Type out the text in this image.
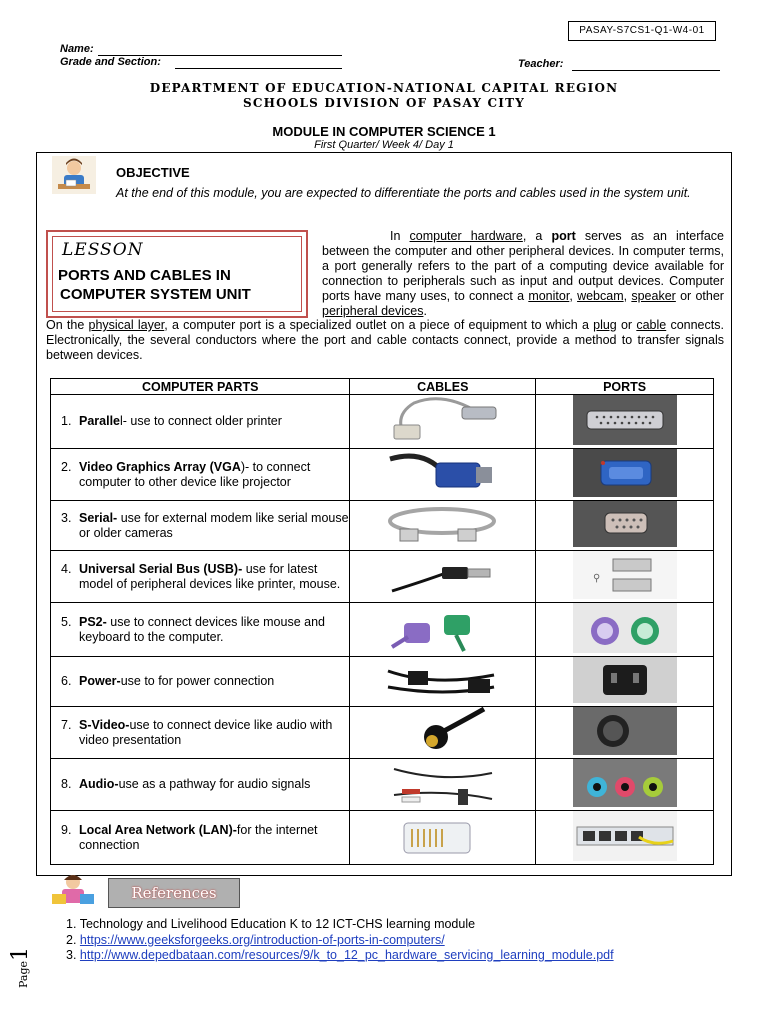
PASAY-S7CS1-Q1-W4-01
Name:
Grade and Section:	Teacher:
DEPARTMENT OF EDUCATION-NATIONAL CAPITAL REGION
SCHOOLS DIVISION OF PASAY CITY
MODULE IN COMPUTER SCIENCE 1
First Quarter/ Week 4/ Day 1
OBJECTIVE
At the end of this module, you are expected to differentiate the ports and cables used in the system unit.
LESSON
PORTS AND CABLES IN
COMPUTER SYSTEM UNIT
In computer hardware, a port serves as an interface between the computer and other peripheral devices. In computer terms, a port generally refers to the part of a computing device available for connection to peripherals such as input and output devices. Computer ports have many uses, to connect a monitor, webcam, speaker or other peripheral devices.
On the physical layer, a computer port is a specialized outlet on a piece of equipment to which a plug or cable connects. Electronically, the several conductors where the port and cable contacts connect, provide a method to transfer signals between devices.
COMPUTER PARTS	CABLES	PORTS

1. Parallel- use to connect older printer		

2. Video Graphics Array (VGA)- to connect computer to other device like projector		

3. Serial- use for external modem like serial mouse or older cameras		

4. Universal Serial Bus (USB)- use for latest model of peripheral devices like printer, mouse.		⚲

5. PS2- use to connect devices like mouse and keyboard to the computer.		

6. Power-use to for power connection		

7. S-Video-use to connect device like audio with video presentation		

8. Audio-use as a pathway for audio signals		

9. Local Area Network (LAN)-for the internet connection		
References
1. Technology and Livelihood Education K to 12 ICT-CHS learning module
2. https://www.geeksforgeeks.org/introduction-of-ports-in-computers/
3. http://www.depedbataan.com/resources/9/k_to_12_pc_hardware_servicing_learning_module.pdf
Page1
